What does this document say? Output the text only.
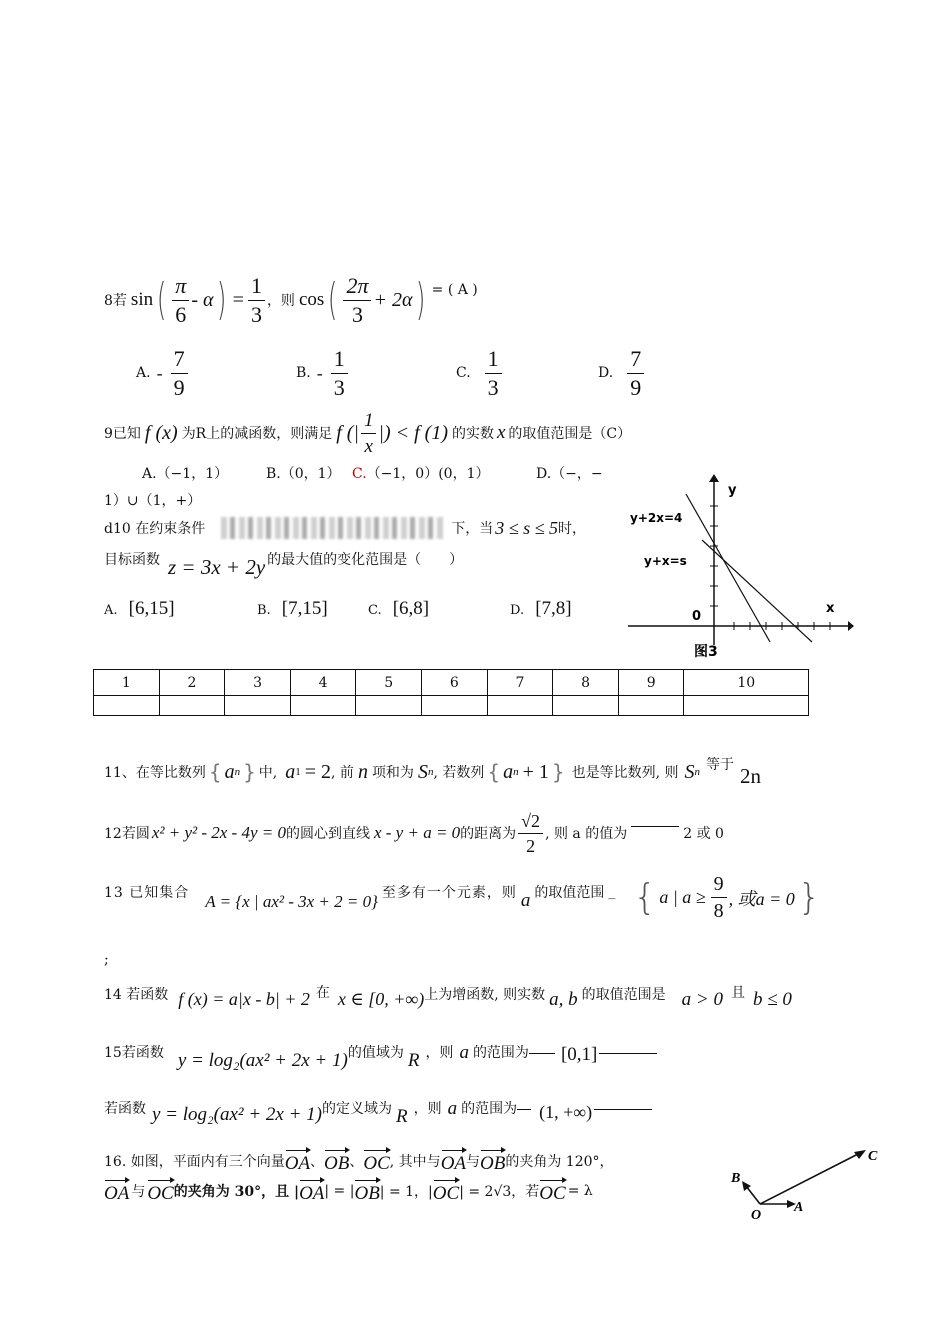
8若 sin ( $\frac{\pi}{6}$ - α ) = $\frac{1}{3}$ ，则 cos ( $\frac{2\pi}{3} + 2\alpha$ ) = ( A )
A. - $\frac{7}{9}$	B. - $\frac{1}{3}$	C. $\frac{1}{3}$	D. $\frac{7}{9}$
9已知 f (x) 为R上的减函数，则满足 f (| $\frac{1}{x}$ |) < f (1) 的实数 x 的取值范围是（C）
A.（−1，1）	B.（0，1） C.（−1，0）(0，1）	D.（−，−
1）∪（1，+）
d10 在约束条件	下，当 3 ≤ s ≤ 5 时，
目标函数 z = 3x + 2y 的最大值的变化范围是（　　）
A. [6,15]	B. [7,15]	C. [6,8]	D. [7,8]
y
x
y+2x=4
y+x=s
0
图3
1	2	3	4	5	6	7	8	9	10

11、在等比数列 { a n } 中, a 1 = 2 , 前 n 项和为 S n , 若数列 { a n + 1 } 也是等比数列, 则 S n 等于 2n
12若圆 x² + y² - 2x - 4y = 0 的圆心到直线 x - y + a = 0 的距离为 $\frac{√2}{2}$ , 则 a 的值为	2 或 0
13 已知集合 A = {x | ax² - 3x + 2 = 0} 至多有一个元素，则 a 的取值范围 _ { a | $a \ge \frac{9}{8}$ , 或a = 0 }
;
14 若函数 f (x) = a|x - b| + 2 在 x ∈ [0, +∞) 上为增函数, 则实数 a, b 的取值范围是 a > 0 且 b ≤ 0
15若函数 y = log₂(ax² + 2x + 1) 的值域为 R ，则 a 的范围为 [0,1]
若函数 y = log₂(ax² + 2x + 1) 的定义域为 R ，则 a 的范围为 (1, +∞)
16. 如图，平面内有三个向量 OA 、 OB 、 OC , 其中与 OA 与 OB 的夹角为 120°，
OA 与 OC 的夹角为 30°，且 | OA | = | OB | = 1，| OC | = 2√3，若 OC = λ
C
B
A
O
